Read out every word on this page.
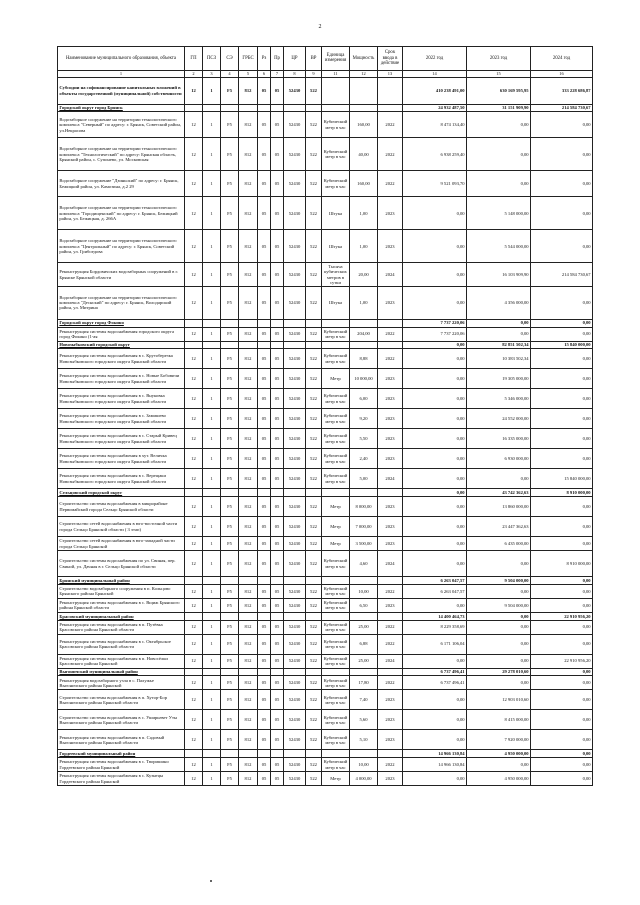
2
Наименование муниципального образования, объекта	ГП	ПСЗ	СЭ	ГРБС	Рз	Пр	ЦР	ВР	Единица измерения	Мощность	Срок ввода в действие	2022 год	2023 год	2024 год
1	2	3	4	5	6	7	8	9	11	12	13	14	15	16
Субсидии на софинансирование капитальных вложений в объекты государственной (муниципальной) собственности	12	1	F5	812	05	05	52430	522				410 238 491,00	630 169 595,95	333 228 686,87
Городской округ город Брянск												24 932 487,50	31 151 909,90	214 584 730,67
Водозаборное сооружение на территории технологического комплекса "Северный" по адресу: г. Брянск, Советский район, ул.Некрасова	12	1	F5	812	05	05	52430	522	Кубический метр в час	160,00	2022	8 474 134,40	0,00	0,00
Водозаборное сооружение на территории технологического комплекса "Технологический" по адресу: Брянская область, Брянский район, с. Супонево, ул. Московская	12	1	F5	812	05	05	52430	522	Кубический метр в час	40,00	2022	6 938 259,40	0,00	0,00
Водозаборное сооружение "Дзиньский" по адресу: г. Брянск, Бежицкий район, ул. Камозина, д.2 29	12	1	F5	812	05	05	52430	522	Кубический метр в час	160,00	2022	9 521 093,70	0,00	0,00
Водозаборное сооружение на территории технологического комплекса "Городищенский" по адресу: г. Брянск, Бежицкий район, ул. Бежицкая, д. 266А	12	1	F5	812	05	05	52430	522	Штука	1,00	2023	0,00	5 148 000,00	0,00
Водозаборное сооружение на территории технологического комплекса "Центральный" по адресу: г. Брянск, Советский район, ул. Грибоедова	12	1	F5	812	05	05	52430	522	Штука	1,00	2023	0,00	5 544 000,00	0,00
Реконструкция Бордовичских водозаборных сооружений в г. Брянске Брянской области	12	1	F5	812	05	05	52430	522	Тысяча кубических метров в сутки	20,00	2024	0,00	16 103 909,90	214 584 730,67
Водозаборное сооружение на территории технологического комплекса "Деснский" по адресу: г. Брянск, Володарский район, ул. Митрина	12	1	F5	812	05	05	52430	522	Штука	1,00	2023	0,00	4 356 000,00	0,00
Городской округ город Фокино												7 737 220,06	0,00	0,00
Реконструкция системы водоснабжения городского округа город Фокино (1-ая	12	1	F5	812	05	05	52430	522	Кубический метр в час	204,00	2022	7 737 220,06	0,00	0,00
Новозыбковский городской округ												0,00	82 851 502,34	15 840 000,00
Реконструкция системы водоснабжения в с. Крутоберезка Новозыбковского городского округа Брянской области	12	1	F5	812	05	05	52430	522	Кубический метр в час	8,88	2022	0,00	10 383 502,34	0,00
Реконструкция системы водоснабжения в с. Новые Бобовичи Новозыбковского городского округа Брянской области	12	1	F5	812	05	05	52430	522	Метр	10 000,00	2023	0,00	19 305 000,00	0,00
Реконструкция системы водоснабжения в с. Внуковка Новозыбковского городского округа Брянской области	12	1	F5	812	05	05	52430	522	Кубический метр в час	6,00	2023	0,00	5 346 000,00	0,00
Реконструкция системы водоснабжения в с. Замишево Новозыбковского городского округа Брянской области	12	1	F5	812	05	05	52430	522	Кубический метр в час	9,20	2023	0,00	24 552 000,00	0,00
Реконструкция системы водоснабжения в с. Старый Кривец Новозыбковского городского округа Брянской области	12	1	F5	812	05	05	52430	522	Кубический метр в час	5,50	2023	0,00	16 335 000,00	0,00
Реконструкция системы водоснабжения в хут. Величка Новозыбковского городского округа Брянской области	12	1	F5	812	05	05	52430	522	Кубический метр в час	2,40	2023	0,00	6 930 000,00	0,00
Реконструкция системы водоснабжения в с. Верещаки Новозыбковского городского округа Брянской области	12	1	F5	812	05	05	52430	522	Кубический метр в час	5,00	2024	0,00	0,00	15 840 000,00
Сельцовский городской округ												0,00	43 742 362,63	8 910 000,00
Строительство системы водоснабжения в микрорайоне Первомайский города Сельцо Брянской области	12	1	F5	812	05	05	52430	522	Метр	8 000,00	2023	0,00	13 860 000,00	0,00
Строительство сетей водоснабжения в юго-восточной части города Сельцо Брянской области ( 3 этап)	12	1	F5	812	05	05	52430	522	Метр	7 000,00	2023	0,00	23 447 362,63	0,00
Строительство сетей водоснабжения в юго-западной части города Сельцо Брянской	12	1	F5	812	05	05	52430	522	Метр	3 500,00	2023	0,00	6 435 000,00	0,00
Строительство системы водоснабжения по ул. Свиная, пер. Свиной, ул. Дачная в г. Сельцо Брянской области	12	1	F5	812	05	05	52430	522	Кубический метр в час	4,60	2024	0,00	0,00	8 910 000,00
Брянский муниципальный район												6 263 047,57	9 504 000,00	0,00
Строительство водозаборного сооружения в п. Кольцово Брянского района Брянской	12	1	F5	812	05	05	52430	522	Кубический метр в час	10,00	2022	6 263 047,57	0,00	0,00
Реконструкция системы водоснабжения в с. Вщиж Брянского района Брянской области	12	1	F5	812	05	05	52430	522	Кубический метр в час	6,50	2023	0,00	9 504 000,00	0,00
Брасовский муниципальный район												14 400 464,73	0,00	22 910 956,20
Реконструкция системы водоснабжения в п. Путёвка Брасовского района Брянской области	12	1	F5	812	05	05	52430	522	Кубический метр в час	25,00	2022	8 229 358,69	0,00	0,00
Реконструкция системы водоснабжения в с. Октябрьское Брасовского района Брянской области	12	1	F5	812	05	05	52430	522	Кубический метр в час	6,88	2022	6 171 106,04	0,00	0,00
Реконструкция системы водоснабжения в п. Новосёлки Брасовского района Брянской	12	1	F5	812	05	05	52430	522	Кубический метр в час	25,00	2024	0,00	0,00	22 910 956,20
Выгоничский муниципальный район												6 737 496,41	29 278 010,60	0,00
Реконструкция водозаборного узла в с. Палужье Выгоничского района Брянской	12	1	F5	812	05	05	52430	522	Кубический метр в час	17,80	2022	6 737 496,41	0,00	0,00
Строительство системы водоснабжения в п. Хутор-Бор Выгоничского района Брянской области	12	1	F5	812	05	05	52430	522	Кубический метр в час	7,40	2023	0,00	12 903 010,60	0,00
Строительство системы водоснабжения в с. Уширьевет Уты Выгоничского района Брянской области	12	1	F5	812	05	05	52430	522	Кубический метр в час	5,60	2023	0,00	8 415 000,00	0,00
Реконструкция системы водоснабжения в п. Садовый Выгоничского района Брянской области	12	1	F5	812	05	05	52430	522	Кубический метр в час	5,10	2023	0,00	7 920 000,00	0,00
Гордеевский муниципальный район												14 966 130,84	4 950 000,00	0,00
Реконструкция системы водоснабжения в с. Творишино Гордеевского района Брянской	12	1	F5	812	05	05	52430	522	Кубический метр в час	10,00	2022	14 966 130,84	0,00	0,00
Реконструкция системы водоснабжения в с. Кузнецы Гордеевского района Брянской	12	1	F5	812	05	05	52430	522	Метр	4 000,00	2023	0,00	4 950 000,00	0,00
